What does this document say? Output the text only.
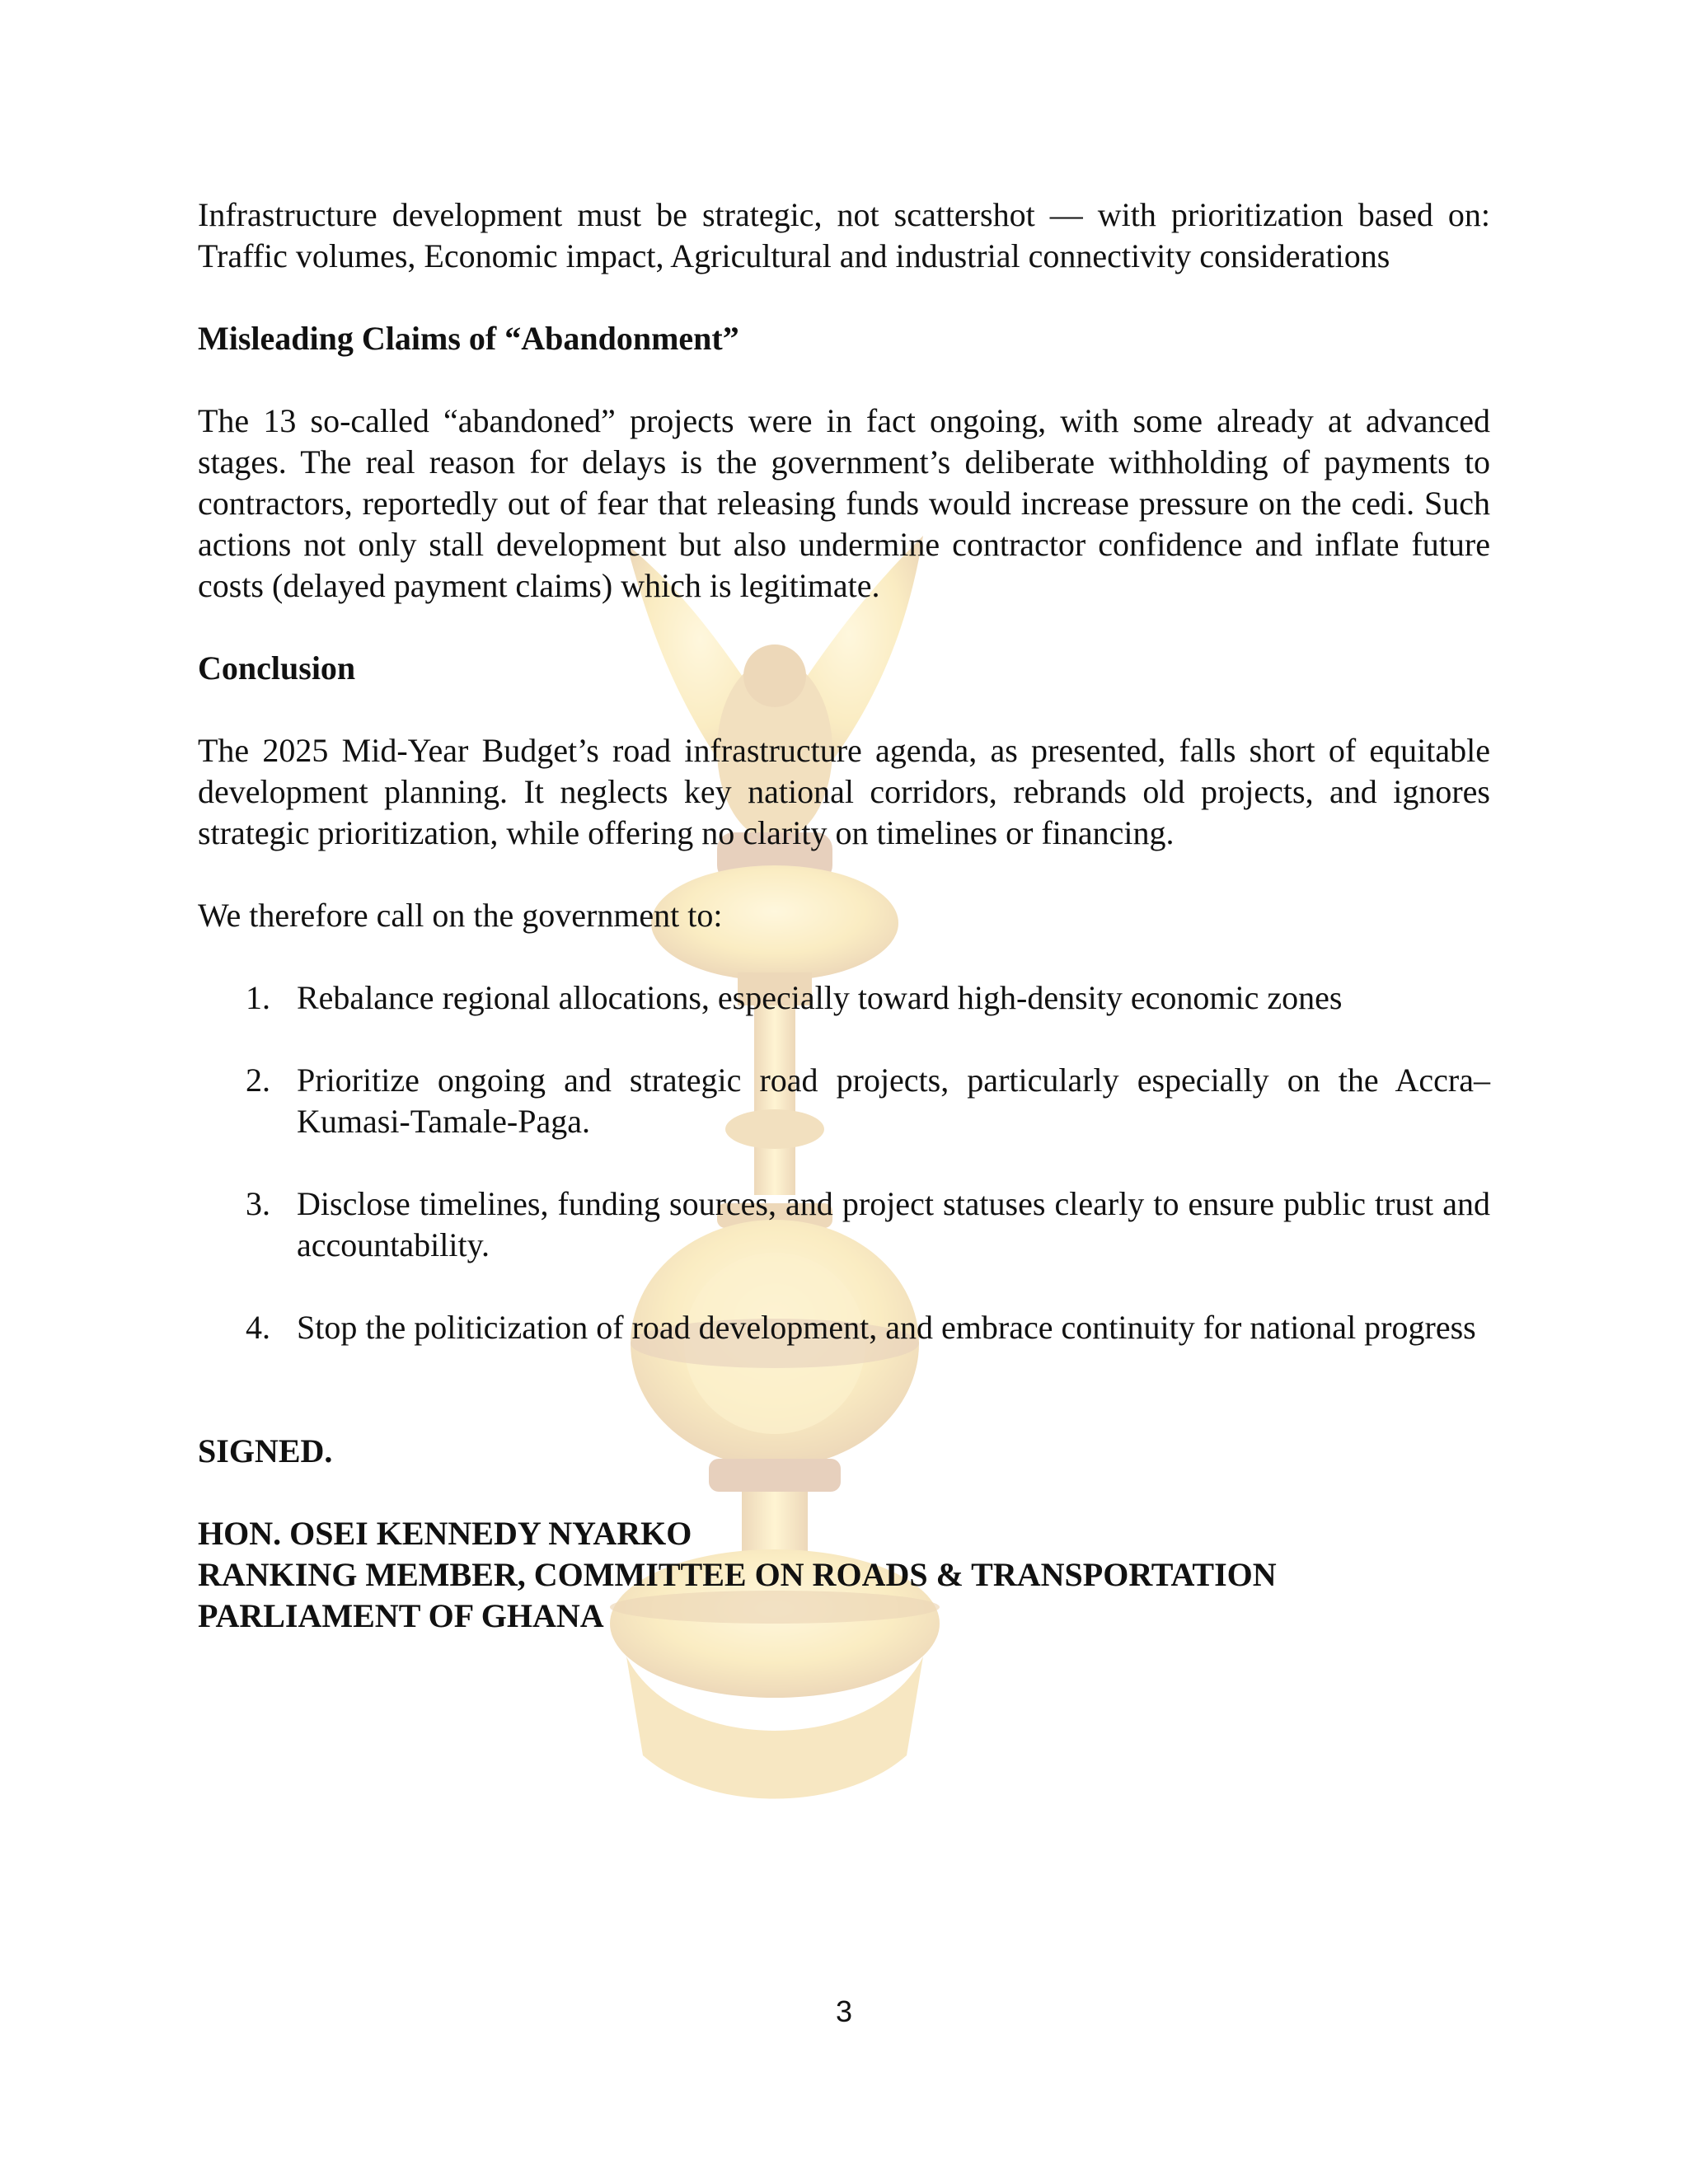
Infrastructure development must be strategic, not scattershot — with prioritization based on: Traffic volumes, Economic impact, Agricultural and industrial connectivity considerations

Misleading Claims of “Abandonment”

The 13 so-called “abandoned” projects were in fact ongoing, with some already at advanced stages. The real reason for delays is the government’s deliberate withholding of payments to contractors, reportedly out of fear that releasing funds would increase pressure on the cedi. Such actions not only stall development but also undermine contractor confidence and inflate future costs (delayed payment claims) which is legitimate.

Conclusion

The 2025 Mid-Year Budget’s road infrastructure agenda, as presented, falls short of equitable development planning. It neglects key national corridors, rebrands old projects, and ignores strategic prioritization, while offering no clarity on timelines or financing.

We therefore call on the government to:

1. Rebalance regional allocations, especially toward high-density economic zones
2. Prioritize ongoing and strategic road projects, particularly especially on the Accra–Kumasi-Tamale-Paga.
3. Disclose timelines, funding sources, and project statuses clearly to ensure public trust and accountability.
4. Stop the politicization of road development, and embrace continuity for national progress

SIGNED.

HON. OSEI KENNEDY NYARKO

RANKING MEMBER, COMMITTEE ON ROADS & TRANSPORTATION

PARLIAMENT OF GHANA

3
